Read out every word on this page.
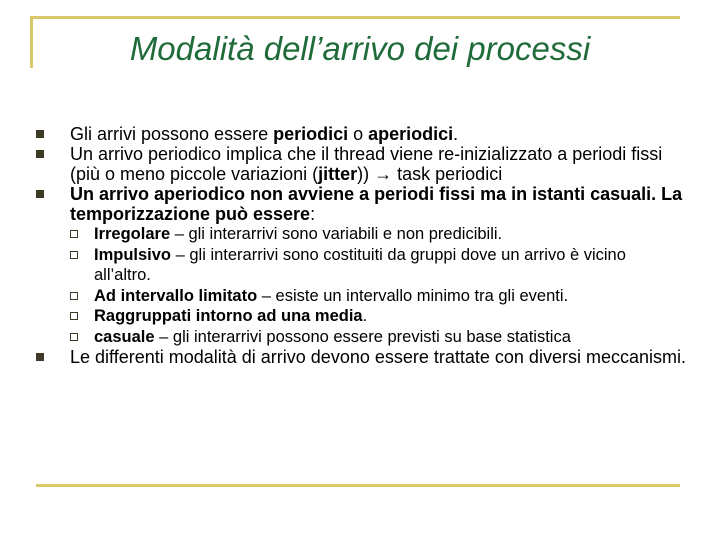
Modalità dell’arrivo dei processi
Gli arrivi possono essere periodici o aperiodici.
Un arrivo periodico implica che il thread viene re-inizializzato a periodi fissi (più o meno piccole variazioni (jitter)) → task periodici
Un arrivo aperiodico non avviene a periodi fissi ma in istanti casuali. La temporizzazione può essere:
Irregolare – gli interarrivi sono variabili e non predicibili.
Impulsivo – gli interarrivi sono costituiti da gruppi dove un arrivo è vicino all’altro.
Ad intervallo limitato – esiste un intervallo minimo tra gli eventi.
Raggruppati intorno ad una media.
casuale – gli interarrivi possono essere previsti su base statistica
Le differenti modalità di arrivo devono essere trattate con diversi meccanismi.
